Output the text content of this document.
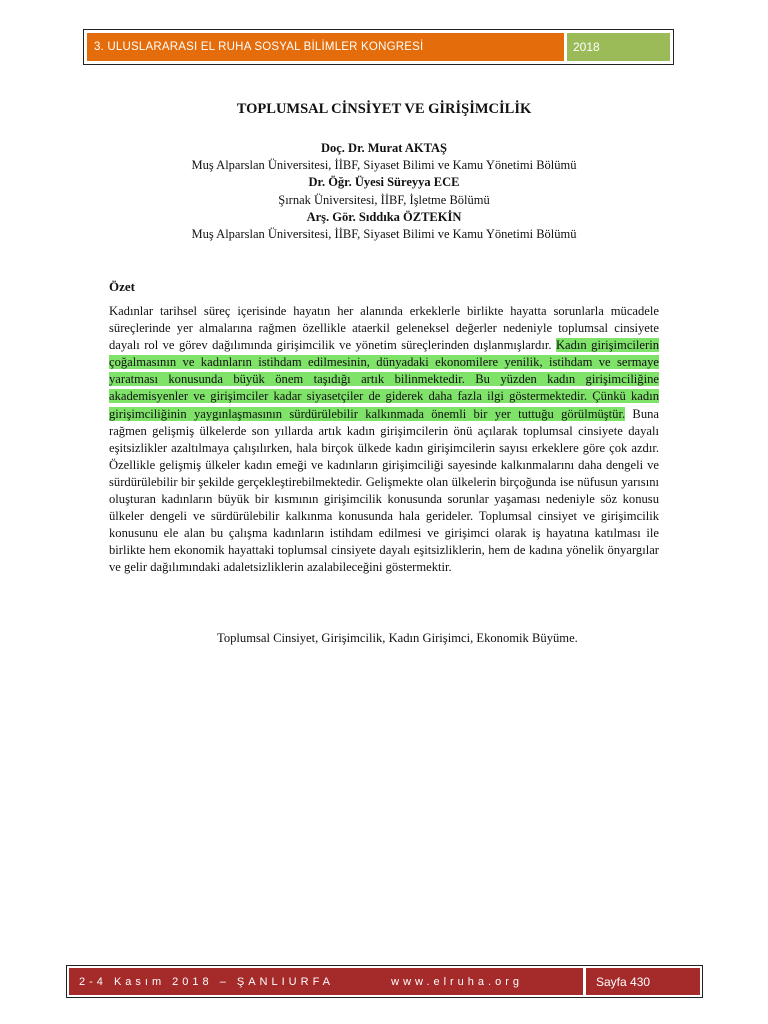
3. ULUSLARARASI EL RUHA SOSYAL BİLİMLER KONGRESİ	2018
TOPLUMSAL CİNSİYET VE GİRİŞİMCİLİK
Doç. Dr. Murat AKTAŞ
Muş Alparslan Üniversitesi, İİBF, Siyaset Bilimi ve Kamu Yönetimi Bölümü
Dr. Öğr. Üyesi Süreyya ECE
Şırnak Üniversitesi, İİBF, İşletme Bölümü
Arş. Gör. Sıddıka ÖZTEKİN
Muş Alparslan Üniversitesi, İİBF, Siyaset Bilimi ve Kamu Yönetimi Bölümü
Özet
Kadınlar tarihsel süreç içerisinde hayatın her alanında erkeklerle birlikte hayatta sorunlarla mücadele süreçlerinde yer almalarına rağmen özellikle ataerkil geleneksel değerler nedeniyle toplumsal cinsiyete dayalı rol ve görev dağılımında girişimcilik ve yönetim süreçlerinden dışlanmışlardır. Kadın girişimcilerin çoğalmasının ve kadınların istihdam edilmesinin, dünyadaki ekonomilere yenilik, istihdam ve sermaye yaratması konusunda büyük önem taşıdığı artık bilinmektedir. Bu yüzden kadın girişimciliğine akademisyenler ve girişimciler kadar siyasetçiler de giderek daha fazla ilgi göstermektedir. Çünkü kadın girişimciliğinin yaygınlaşmasının sürdürülebilir kalkınmada önemli bir yer tuttuğu görülmüştür. Buna rağmen gelişmiş ülkelerde son yıllarda artık kadın girişimcilerin önü açılarak toplumsal cinsiyete dayalı eşitsizlikler azaltılmaya çalışılırken, hala birçok ülkede kadın girişimcilerin sayısı erkeklere göre çok azdır. Özellikle gelişmiş ülkeler kadın emeği ve kadınların girişimciliği sayesinde kalkınmalarını daha dengeli ve sürdürülebilir bir şekilde gerçekleştirebilmektedir. Gelişmekte olan ülkelerin birçoğunda ise nüfusun yarısını oluşturan kadınların büyük bir kısmının girişimcilik konusunda sorunlar yaşaması nedeniyle söz konusu ülkeler dengeli ve sürdürülebilir kalkınma konusunda hala gerideler. Toplumsal cinsiyet ve girişimcilik konusunu ele alan bu çalışma kadınların istihdam edilmesi ve girişimci olarak iş hayatına katılması ile birlikte hem ekonomik hayattaki toplumsal cinsiyete dayalı eşitsizliklerin, hem de kadına yönelik önyargılar ve gelir dağılımındaki adaletsizliklerin azalabileceğini göstermektir.
Toplumsal Cinsiyet, Girişimcilik, Kadın Girişimci, Ekonomik Büyüme.
2-4 Kasım 2018 – ŞANLIURFA	www.elruha.org	Sayfa 430
